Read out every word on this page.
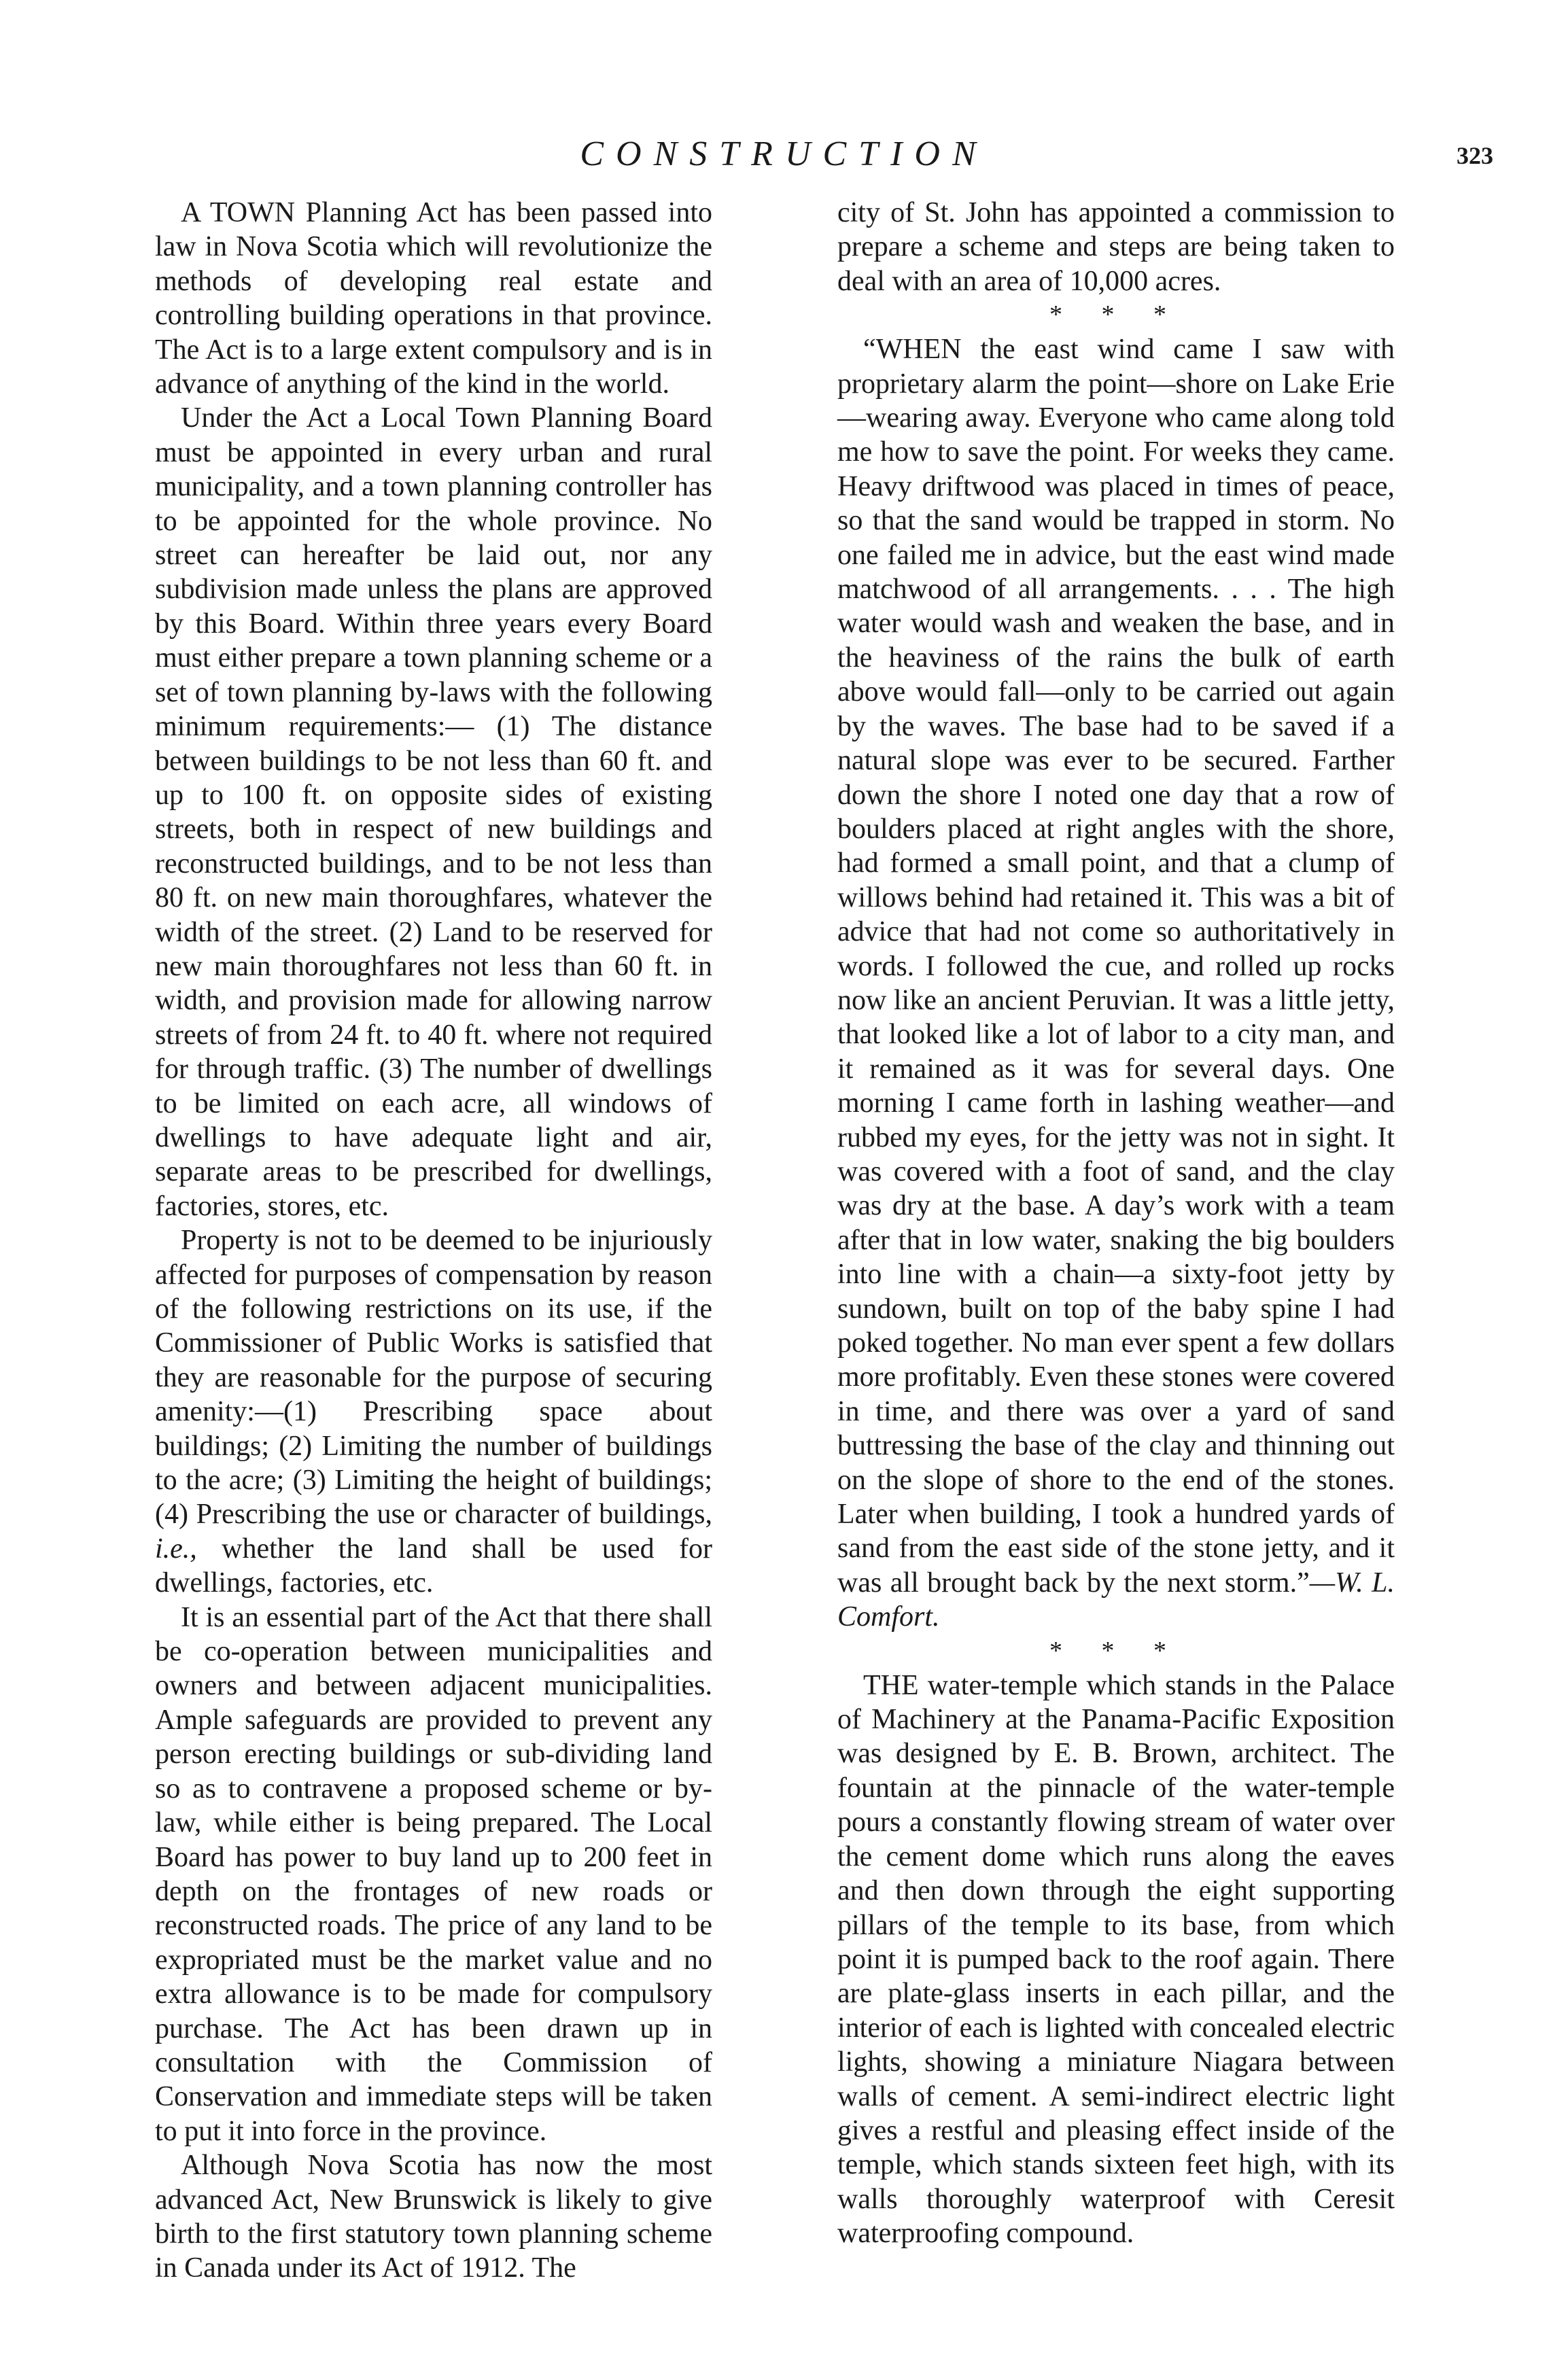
CONSTRUCTION	323

A TOWN Planning Act has been passed into law in Nova Scotia which will revolutionize the methods of developing real estate and controlling building operations in that province. The Act is to a large extent compulsory and is in advance of anything of the kind in the world.

Under the Act a Local Town Planning Board must be appointed in every urban and rural municipality, and a town planning controller has to be appointed for the whole province. No street can hereafter be laid out, nor any subdivision made unless the plans are approved by this Board. Within three years every Board must either prepare a town planning scheme or a set of town planning by-laws with the following minimum requirements:— (1) The distance between buildings to be not less than 60 ft. and up to 100 ft. on opposite sides of existing streets, both in respect of new buildings and reconstructed buildings, and to be not less than 80 ft. on new main thoroughfares, whatever the width of the street. (2) Land to be reserved for new main thoroughfares not less than 60 ft. in width, and provision made for allowing narrow streets of from 24 ft. to 40 ft. where not required for through traffic. (3) The number of dwellings to be limited on each acre, all windows of dwellings to have adequate light and air, separate areas to be prescribed for dwellings, factories, stores, etc.

Property is not to be deemed to be injuriously affected for purposes of compensation by reason of the following restrictions on its use, if the Commissioner of Public Works is satisfied that they are reasonable for the purpose of securing amenity:—(1) Prescribing space about buildings; (2) Limiting the number of buildings to the acre; (3) Limiting the height of buildings; (4) Prescribing the use or character of buildings, i.e., whether the land shall be used for dwellings, factories, etc.

It is an essential part of the Act that there shall be co-operation between municipalities and owners and between adjacent municipalities. Ample safeguards are provided to prevent any person erecting buildings or sub-dividing land so as to contravene a proposed scheme or by-law, while either is being prepared. The Local Board has power to buy land up to 200 feet in depth on the frontages of new roads or reconstructed roads. The price of any land to be expropriated must be the market value and no extra allowance is to be made for compulsory purchase. The Act has been drawn up in consultation with the Commission of Conservation and immediate steps will be taken to put it into force in the province.

Although Nova Scotia has now the most advanced Act, New Brunswick is likely to give birth to the first statutory town planning scheme in Canada under its Act of 1912. The

city of St. John has appointed a commission to prepare a scheme and steps are being taken to deal with an area of 10,000 acres.

* * *

“WHEN the east wind came I saw with proprietary alarm the point—shore on Lake Erie—wearing away. Everyone who came along told me how to save the point. For weeks they came. Heavy driftwood was placed in times of peace, so that the sand would be trapped in storm. No one failed me in advice, but the east wind made matchwood of all arrangements. . . . The high water would wash and weaken the base, and in the heaviness of the rains the bulk of earth above would fall—only to be carried out again by the waves. The base had to be saved if a natural slope was ever to be secured. Farther down the shore I noted one day that a row of boulders placed at right angles with the shore, had formed a small point, and that a clump of willows behind had retained it. This was a bit of advice that had not come so authoritatively in words. I followed the cue, and rolled up rocks now like an ancient Peruvian. It was a little jetty, that looked like a lot of labor to a city man, and it remained as it was for several days. One morning I came forth in lashing weather—and rubbed my eyes, for the jetty was not in sight. It was covered with a foot of sand, and the clay was dry at the base. A day’s work with a team after that in low water, snaking the big boulders into line with a chain—a sixty-foot jetty by sundown, built on top of the baby spine I had poked together. No man ever spent a few dollars more profitably. Even these stones were covered in time, and there was over a yard of sand buttressing the base of the clay and thinning out on the slope of shore to the end of the stones. Later when building, I took a hundred yards of sand from the east side of the stone jetty, and it was all brought back by the next storm.”—W. L. Comfort.

* * *

THE water-temple which stands in the Palace of Machinery at the Panama-Pacific Exposition was designed by E. B. Brown, architect. The fountain at the pinnacle of the water-temple pours a constantly flowing stream of water over the cement dome which runs along the eaves and then down through the eight supporting pillars of the temple to its base, from which point it is pumped back to the roof again. There are plate-glass inserts in each pillar, and the interior of each is lighted with concealed electric lights, showing a miniature Niagara between walls of cement. A semi-indirect electric light gives a restful and pleasing effect inside of the temple, which stands sixteen feet high, with its walls thoroughly waterproof with Ceresit waterproofing compound.
